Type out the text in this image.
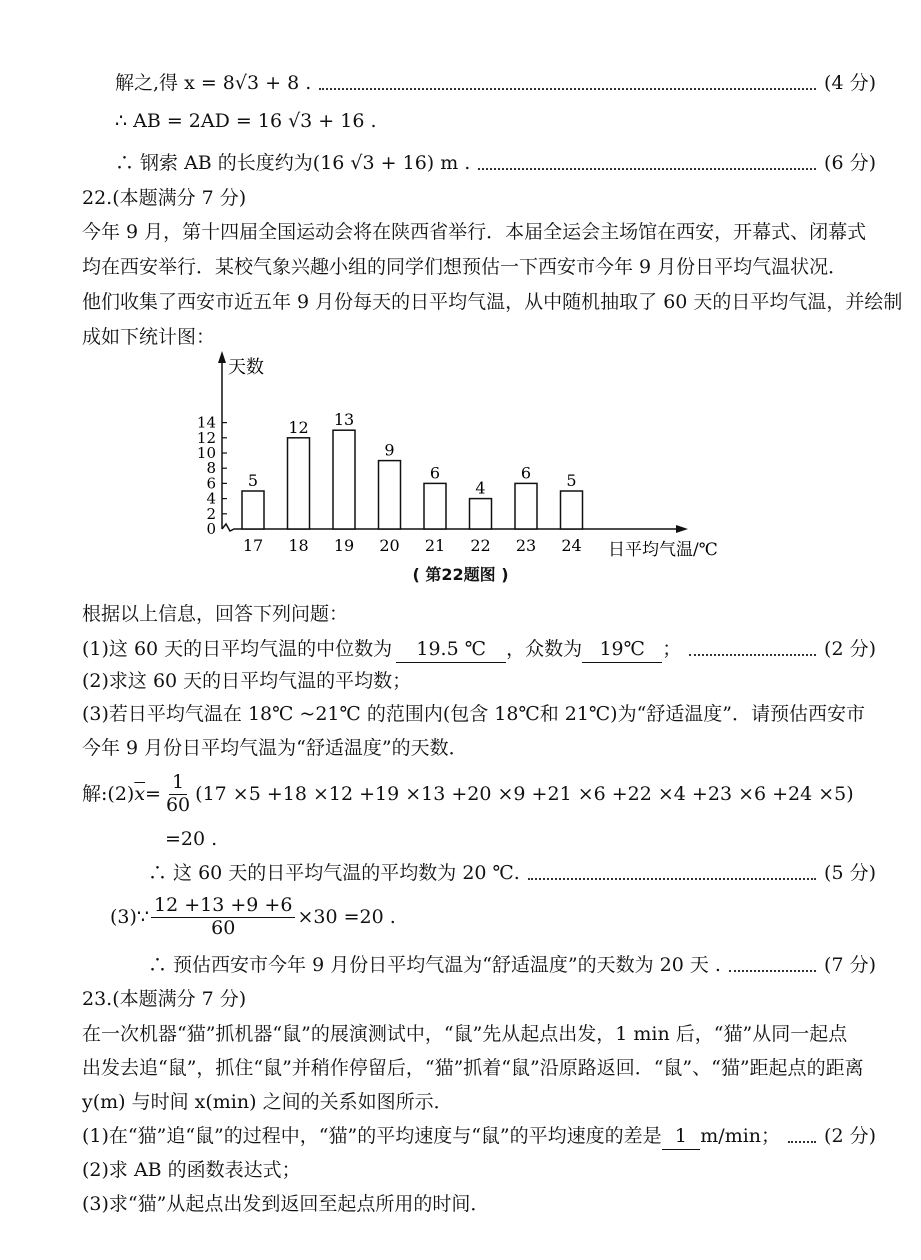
解之,得 x = 8√3 + 8 .	(4 分)
∴ AB = 2AD = 16 √3 + 16 .
∴ 钢索 AB 的长度约为(16 √3 + 16) m .	(6 分)
22.(本题满分 7 分)
今年 9 月，第十四届全国运动会将在陕西省举行．本届全运会主场馆在西安，开幕式、闭幕式
均在西安举行．某校气象兴趣小组的同学们想预估一下西安市今年 9 月份日平均气温状况．
他们收集了西安市近五年 9 月份每天的日平均气温，从中随机抽取了 60 天的日平均气温，并绘制
成如下统计图：
天数
日平均气温/℃
0
2
4
6
8
10
12
14
5
17
12
18
13
19
9
20
6
21
4
22
6
23
5
24
( 第22题图 )
根据以上信息，回答下列问题：
(1)这 60 天的日平均气温的中位数为	19.5 ℃	，众数为 19℃ ；	(2 分)
(2)求这 60 天的日平均气温的平均数；
(3)若日平均气温在 18℃ ~21℃ 的范围内(包含 18℃和 21℃)为“舒适温度”．请预估西安市
今年 9 月份日平均气温为“舒适温度”的天数．
解:(2) $\overline{x} = \frac{1}{60} (17 \times 5 +18 \times 12 +19 \times 13 +20 \times 9 +21 \times 6 +22 \times 4 +23 \times 6 +24 \times 5)$
=20 .
∴ 这 60 天的日平均气温的平均数为 20 ℃.	(5 分)
(3)∵ $\frac{12 +13 +9 +6}{60} \times 30 =20$ .
∴ 预估西安市今年 9 月份日平均气温为“舒适温度”的天数为 20 天 .	(7 分)
23.(本题满分 7 分)
在一次机器“猫”抓机器“鼠”的展演测试中，“鼠”先从起点出发，1 min 后，“猫”从同一起点
出发去追“鼠”，抓住“鼠”并稍作停留后，“猫”抓着“鼠”沿原路返回．“鼠”、“猫”距起点的距离
y(m) 与时间 x(min) 之间的关系如图所示．
(1)在“猫”追“鼠”的过程中，“猫”的平均速度与“鼠”的平均速度的差是 1 m/min； (2 分)
(2)求 AB 的函数表达式；
(3)求“猫”从起点出发到返回至起点所用的时间．
